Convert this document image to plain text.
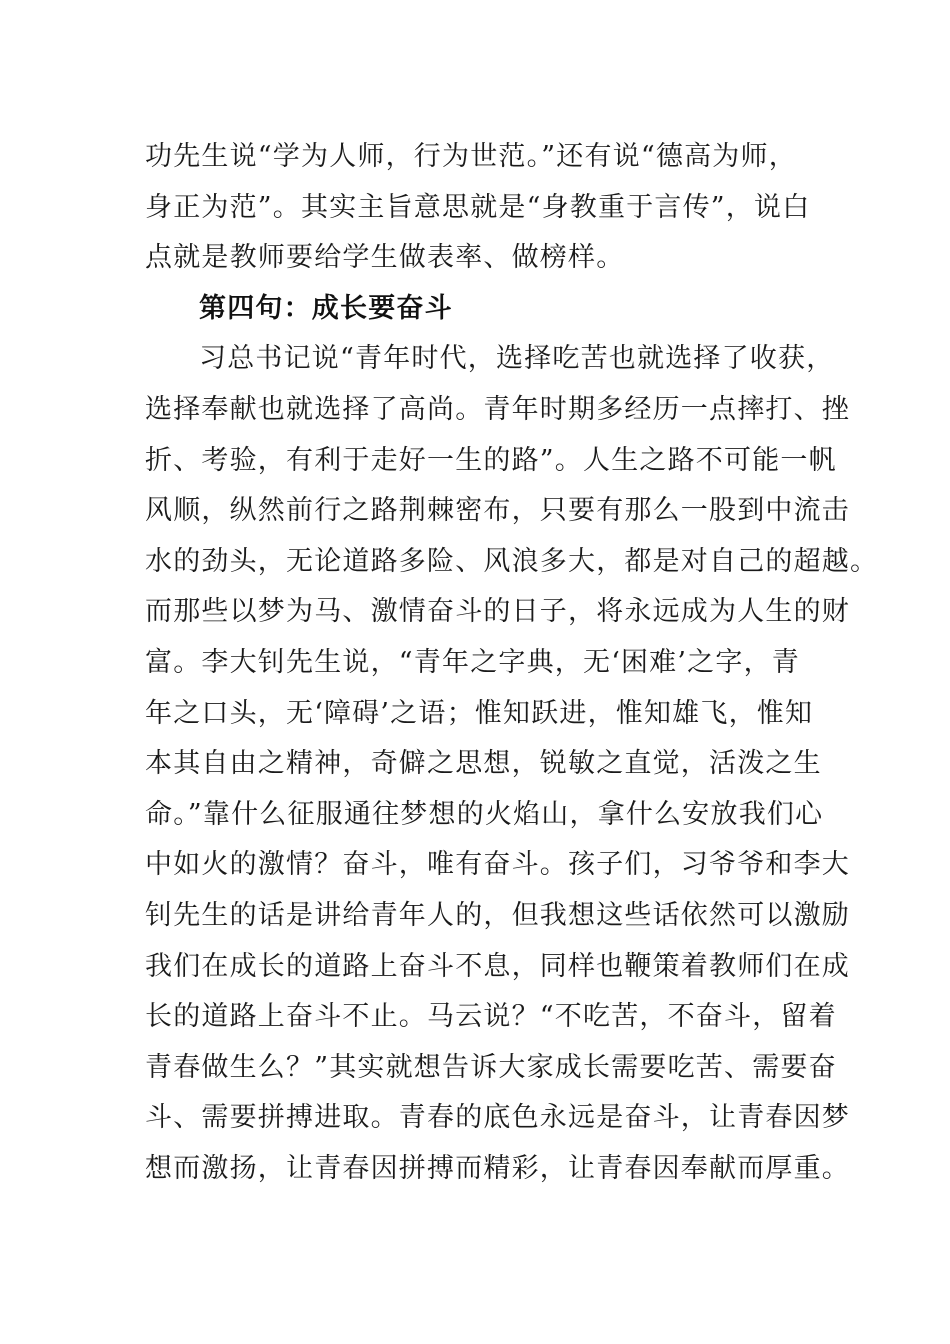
功先生说“学为人师，行为世范。”还有说“德高为师，
身正为范”。其实主旨意思就是“身教重于言传”，说白
点就是教师要给学生做表率、做榜样。
第四句：成长要奋斗
习总书记说“青年时代，选择吃苦也就选择了收获，
选择奉献也就选择了高尚。青年时期多经历一点摔打、挫
折、考验，有利于走好一生的路”。人生之路不可能一帆
风顺，纵然前行之路荆棘密布，只要有那么一股到中流击
水的劲头，无论道路多险、风浪多大，都是对自己的超越。
而那些以梦为马、激情奋斗的日子，将永远成为人生的财
富。李大钊先生说，“青年之字典，无‘困难’之字，青
年之口头，无‘障碍’之语；惟知跃进，惟知雄飞，惟知
本其自由之精神，奇僻之思想，锐敏之直觉，活泼之生
命。”靠什么征服通往梦想的火焰山，拿什么安放我们心
中如火的激情？奋斗，唯有奋斗。孩子们，习爷爷和李大
钊先生的话是讲给青年人的，但我想这些话依然可以激励
我们在成长的道路上奋斗不息，同样也鞭策着教师们在成
长的道路上奋斗不止。马云说？“不吃苦，不奋斗，留着
青春做生么？”其实就想告诉大家成长需要吃苦、需要奋
斗、需要拼搏进取。青春的底色永远是奋斗，让青春因梦
想而激扬，让青春因拼搏而精彩，让青春因奉献而厚重。
